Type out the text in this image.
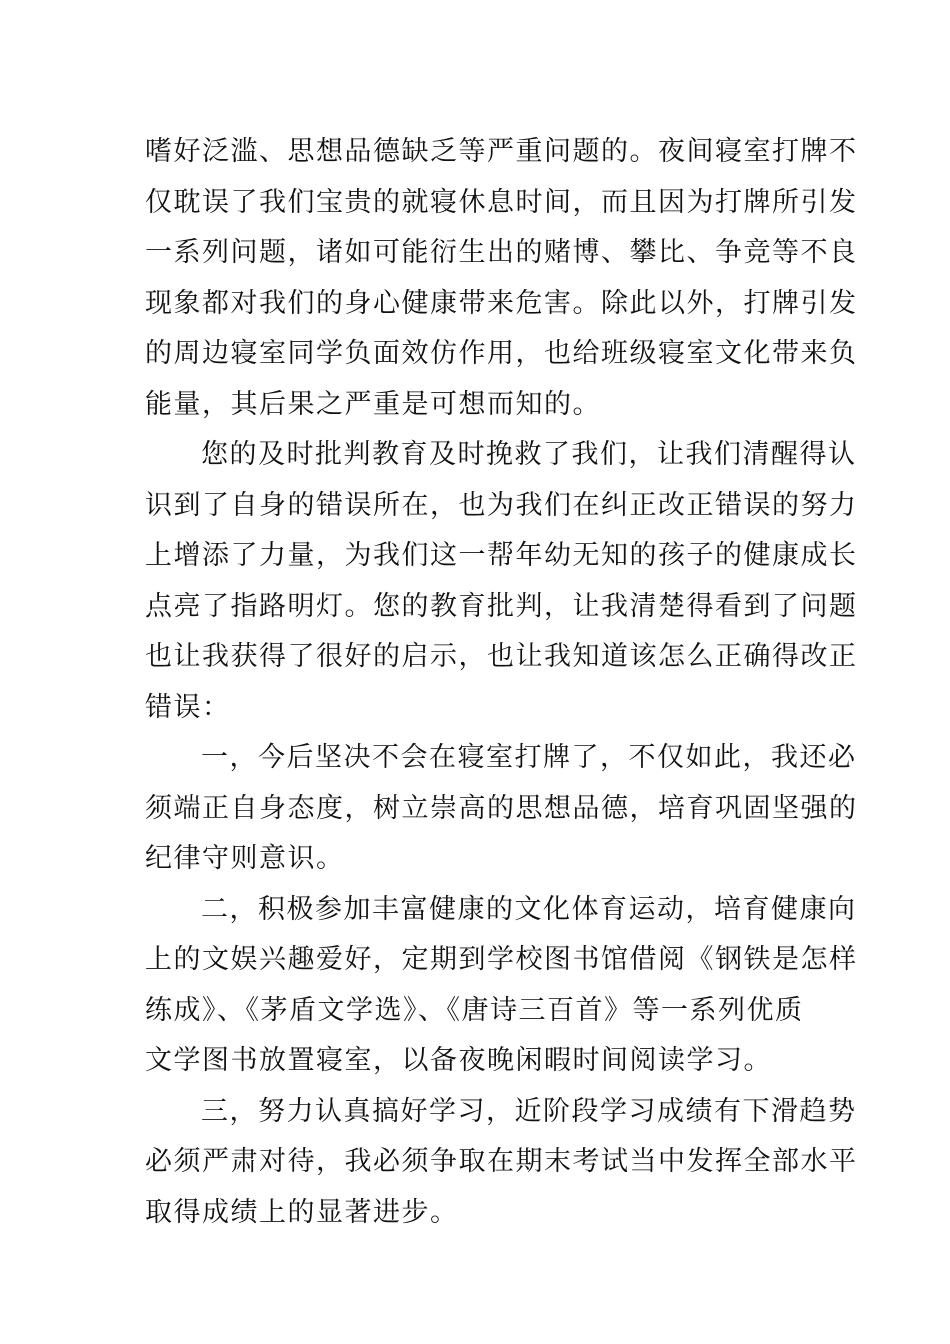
嗜好泛滥、思想品德缺乏等严重问题的。夜间寝室打牌不
仅耽误了我们宝贵的就寝休息时间，而且因为打牌所引发
一系列问题，诸如可能衍生出的赌博、攀比、争竞等不良
现象都对我们的身心健康带来危害。除此以外，打牌引发
的周边寝室同学负面效仿作用，也给班级寝室文化带来负
能量，其后果之严重是可想而知的。
您的及时批判教育及时挽救了我们，让我们清醒得认
识到了自身的错误所在，也为我们在纠正改正错误的努力
上增添了力量，为我们这一帮年幼无知的孩子的健康成长
点亮了指路明灯。您的教育批判，让我清楚得看到了问题
也让我获得了很好的启示，也让我知道该怎么正确得改正
错误：
一，今后坚决不会在寝室打牌了，不仅如此，我还必
须端正自身态度，树立崇高的思想品德，培育巩固坚强的
纪律守则意识。
二，积极参加丰富健康的文化体育运动，培育健康向
上的文娱兴趣爱好，定期到学校图书馆借阅《钢铁是怎样
练成》、《茅盾文学选》、《唐诗三百首》等一系列优质
文学图书放置寝室，以备夜晚闲暇时间阅读学习。
三，努力认真搞好学习，近阶段学习成绩有下滑趋势
必须严肃对待，我必须争取在期末考试当中发挥全部水平
取得成绩上的显著进步。
